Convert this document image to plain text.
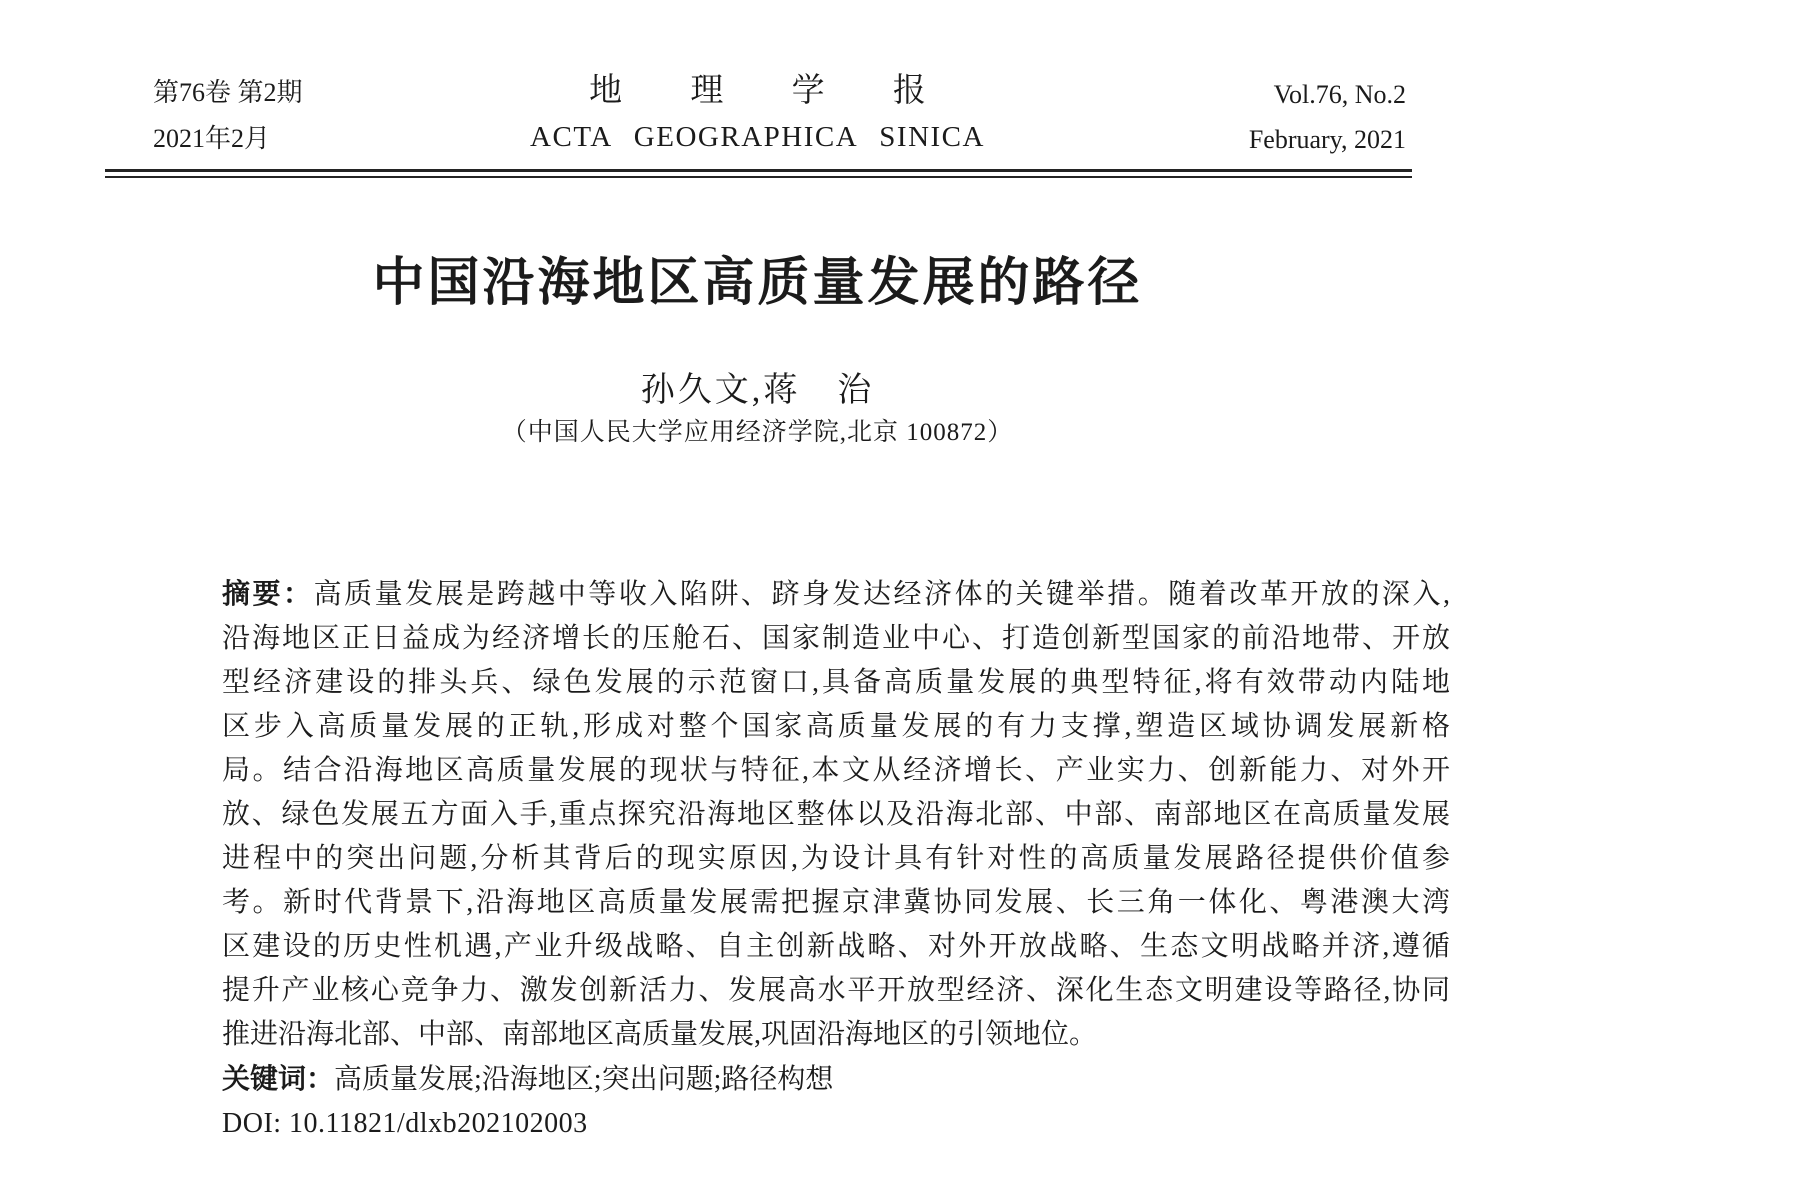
第76卷 第2期
2021年2月
地 理 学 报
ACTA GEOGRAPHICA SINICA
Vol.76, No.2
February, 2021
中国沿海地区高质量发展的路径
孙久文,蒋　治
（中国人民大学应用经济学院,北京 100872）
摘要：高质量发展是跨越中等收入陷阱、跻身发达经济体的关键举措。随着改革开放的深入,
沿海地区正日益成为经济增长的压舱石、国家制造业中心、打造创新型国家的前沿地带、开放
型经济建设的排头兵、绿色发展的示范窗口,具备高质量发展的典型特征,将有效带动内陆地
区步入高质量发展的正轨,形成对整个国家高质量发展的有力支撑,塑造区域协调发展新格
局。结合沿海地区高质量发展的现状与特征,本文从经济增长、产业实力、创新能力、对外开
放、绿色发展五方面入手,重点探究沿海地区整体以及沿海北部、中部、南部地区在高质量发展
进程中的突出问题,分析其背后的现实原因,为设计具有针对性的高质量发展路径提供价值参
考。新时代背景下,沿海地区高质量发展需把握京津冀协同发展、长三角一体化、粤港澳大湾
区建设的历史性机遇,产业升级战略、自主创新战略、对外开放战略、生态文明战略并济,遵循
提升产业核心竞争力、激发创新活力、发展高水平开放型经济、深化生态文明建设等路径,协同
推进沿海北部、中部、南部地区高质量发展,巩固沿海地区的引领地位。
关键词：高质量发展;沿海地区;突出问题;路径构想
DOI: 10.11821/dlxb202102003
